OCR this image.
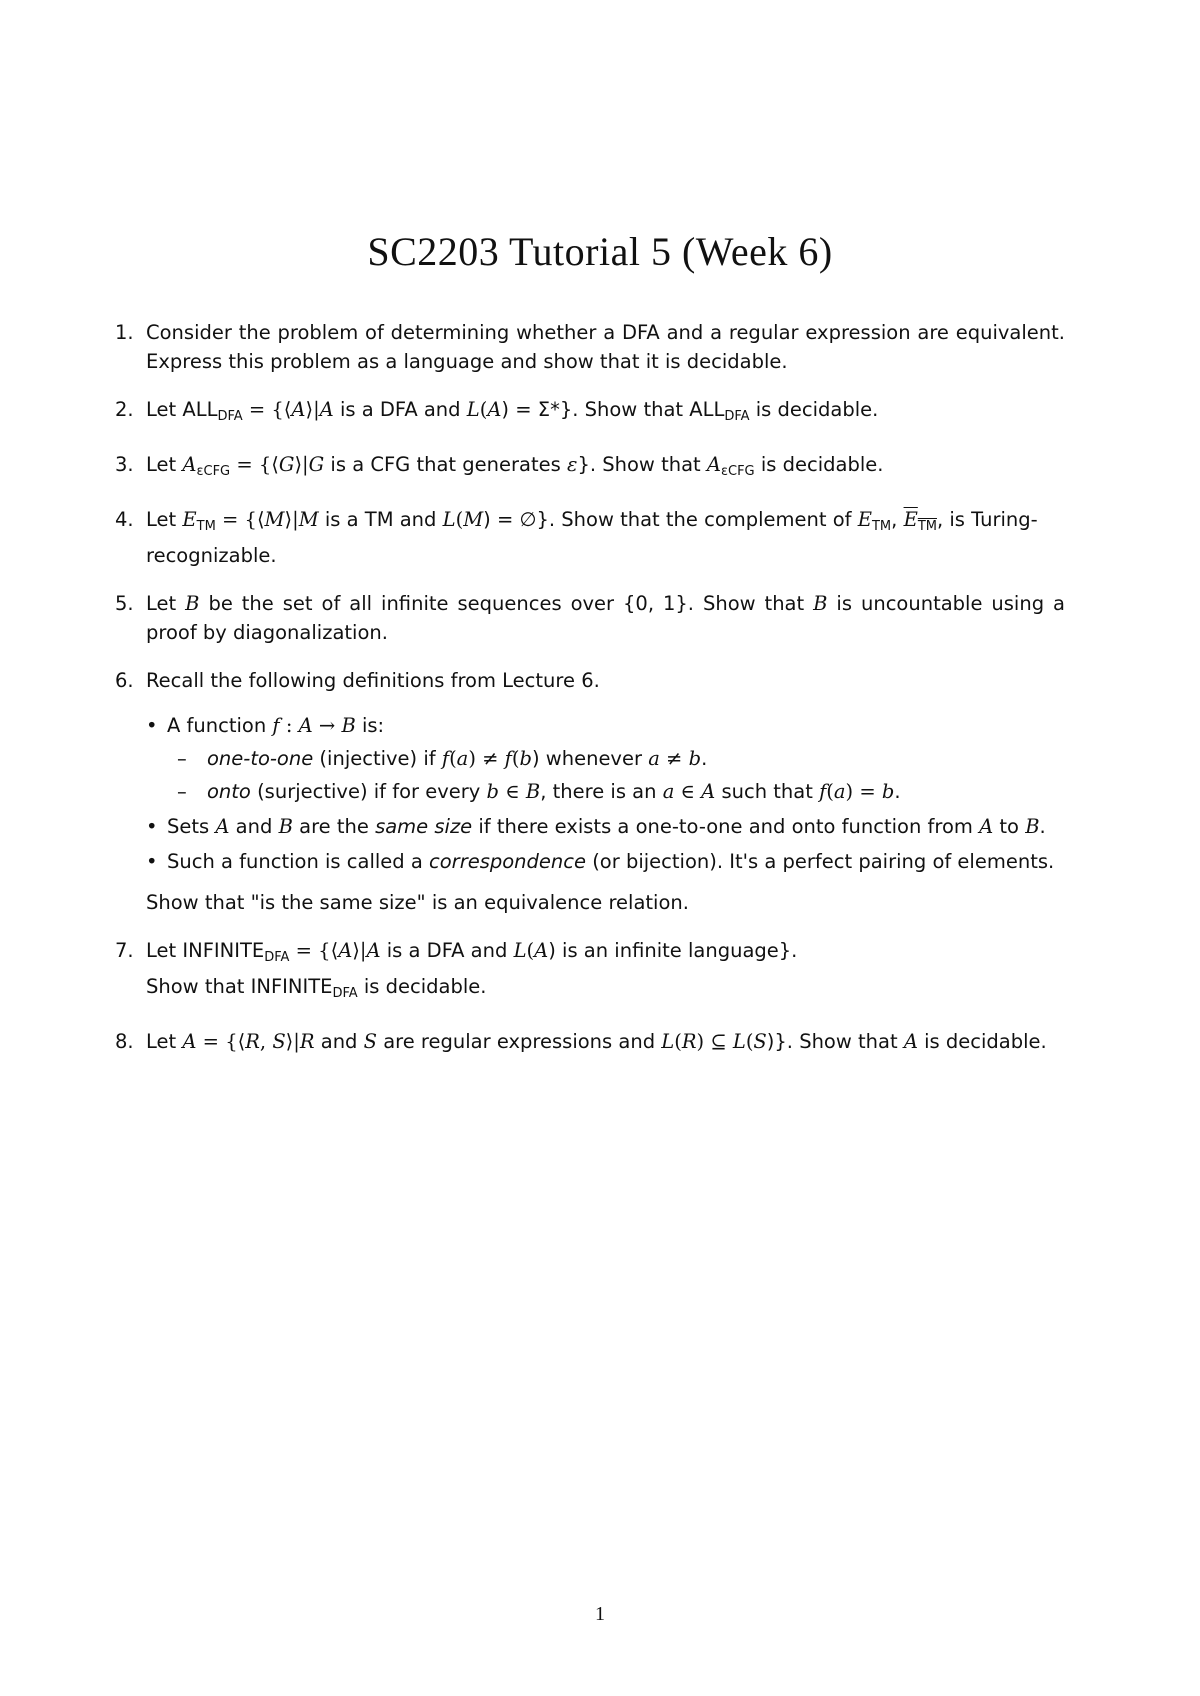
SC2203 Tutorial 5 (Week 6)
1. Consider the problem of determining whether a DFA and a regular expression are equivalent. Express this problem as a language and show that it is decidable.
2. Let $ALL_{DFA}$ = {⟨A⟩|A is a DFA and L(A) = Σ*}. Show that $ALL_{DFA}$ is decidable.
3. Let $A_{\varepsilon CFG}$ = {⟨G⟩|G is a CFG that generates ε}. Show that $A_{\varepsilon CFG}$ is decidable.
4. Let $E_{TM}$ = {⟨M⟩|M is a TM and L(M) = ∅}. Show that the complement of $E_{TM}$, $E_{TM}$, is Turing-recognizable.
5. Let B be the set of all infinite sequences over {0, 1}. Show that B is uncountable using a proof by diagonalization.
6. Recall the following definitions from Lecture 6.
• A function f : A → B is:
– one-to-one (injective) if f(a) ≠ f(b) whenever a ≠ b.
– onto (surjective) if for every b ∈ B, there is an a ∈ A such that f(a) = b.
• Sets A and B are the same size if there exists a one-to-one and onto function from A to B.
• Such a function is called a correspondence (or bijection). It's a perfect pairing of elements.
Show that "is the same size" is an equivalence relation.
7. Let $INFINITE_{DFA}$ = {⟨A⟩|A is a DFA and L(A) is an infinite language}.
Show that $INFINITE_{DFA}$ is decidable.
8. Let A = {⟨R, S⟩|R and S are regular expressions and L(R) ⊆ L(S)}. Show that A is decidable.
1
